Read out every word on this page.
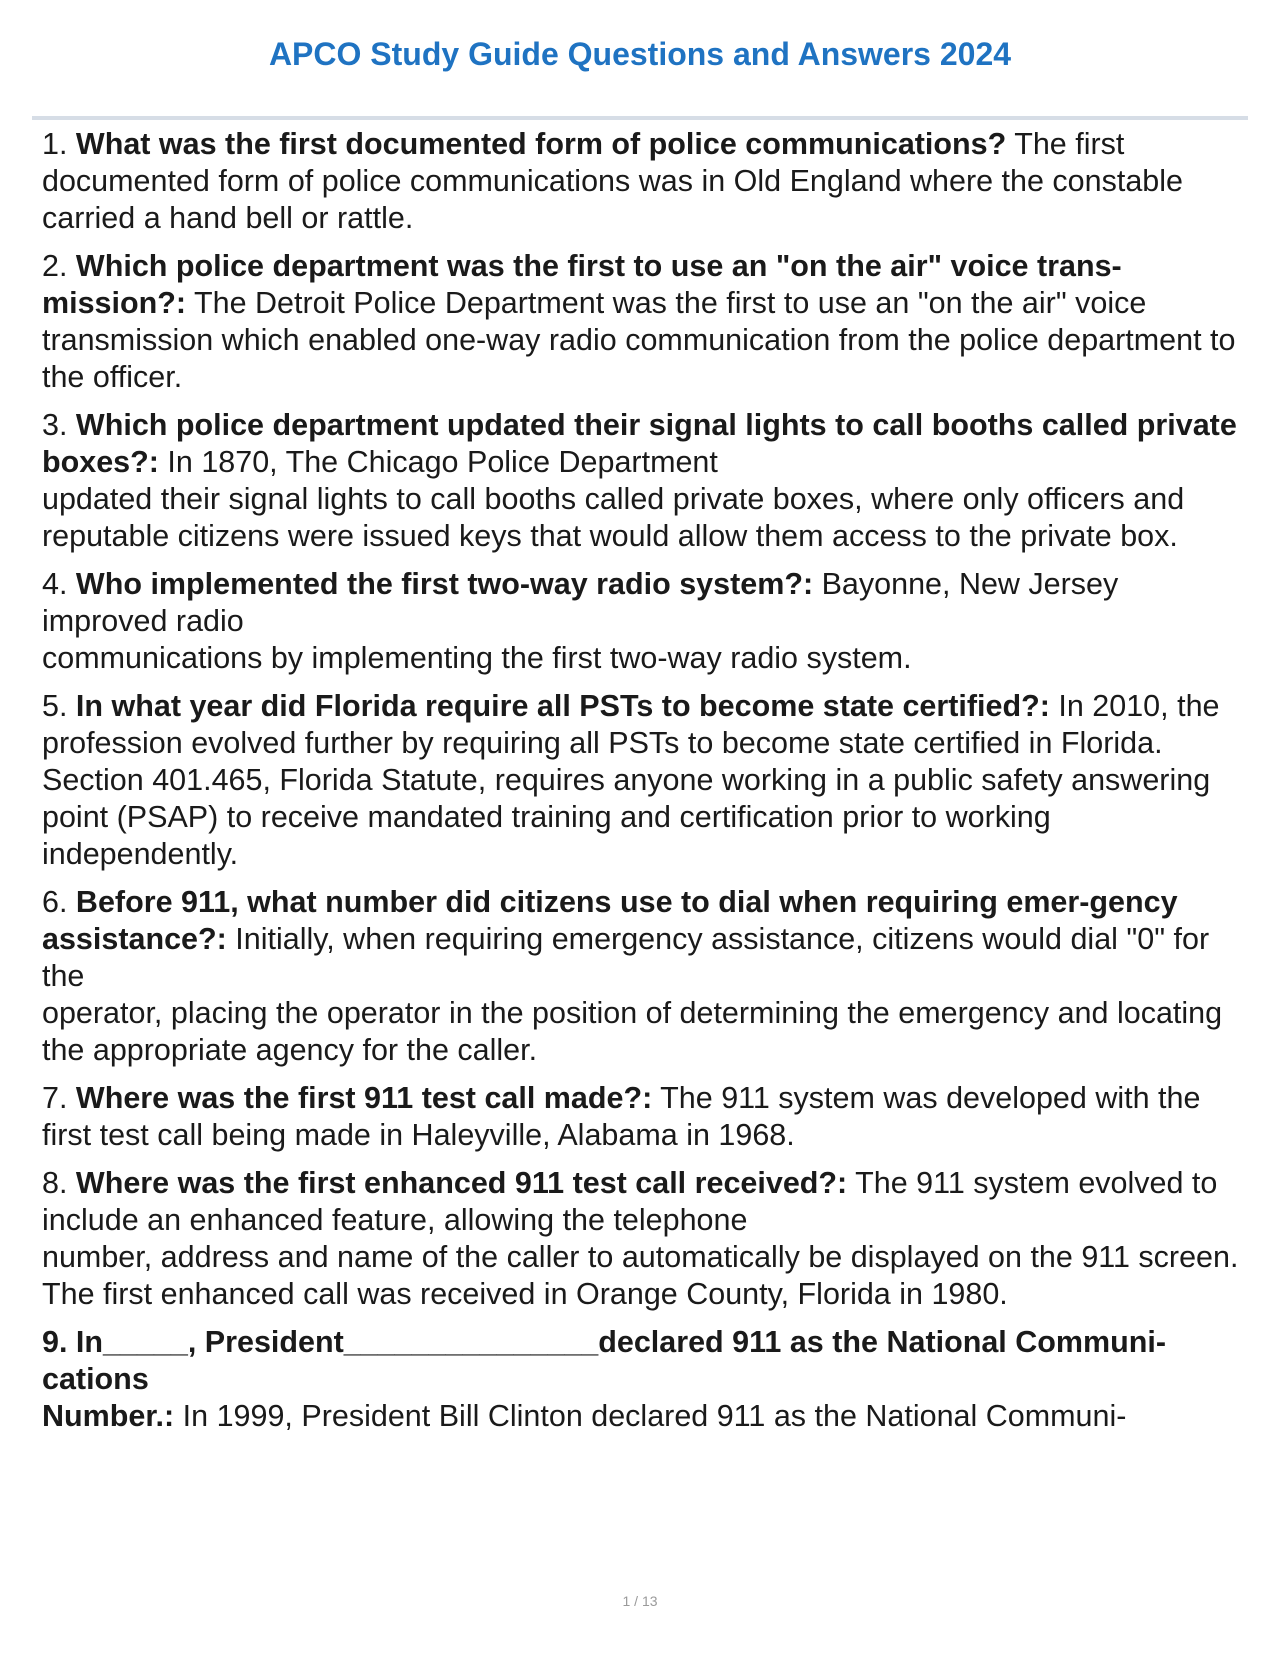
APCO Study Guide Questions and Answers 2024
1. What was the first documented form of police communications? The first documented form of police communications was in Old England where the constable carried a hand bell or rattle.
2. Which police department was the first to use an "on the air" voice trans-mission?: The Detroit Police Department was the first to use an "on the air" voice transmission which enabled one-way radio communication from the police department to the officer.
3. Which police department updated their signal lights to call booths called private boxes?: In 1870, The Chicago Police Department
updated their signal lights to call booths called private boxes, where only officers and
reputable citizens were issued keys that would allow them access to the private box.
4. Who implemented the first two-way radio system?: Bayonne, New Jersey improved radio
communications by implementing the first two-way radio system.
5. In what year did Florida require all PSTs to become state certified?: In 2010, the profession evolved further by requiring all PSTs to become state certified in Florida. Section 401.465, Florida Statute, requires anyone working in a public safety answering point (PSAP) to receive mandated training and certification prior to working independently.
6. Before 911, what number did citizens use to dial when requiring emer-gency assistance?: Initially, when requiring emergency assistance, citizens would dial "0" for the
operator, placing the operator in the position of determining the emergency and locating the appropriate agency for the caller.
7. Where was the first 911 test call made?: The 911 system was developed with the first test call being made in Haleyville, Alabama in 1968.
8. Where was the first enhanced 911 test call received?: The 911 system evolved to include an enhanced feature, allowing the telephone
number, address and name of the caller to automatically be displayed on the 911 screen. The first enhanced call was received in Orange County, Florida in 1980.
9. In_____, President_______________declared 911 as the National Communi-cations
Number.: In 1999, President Bill Clinton declared 911 as the National Communi-

1 / 13
